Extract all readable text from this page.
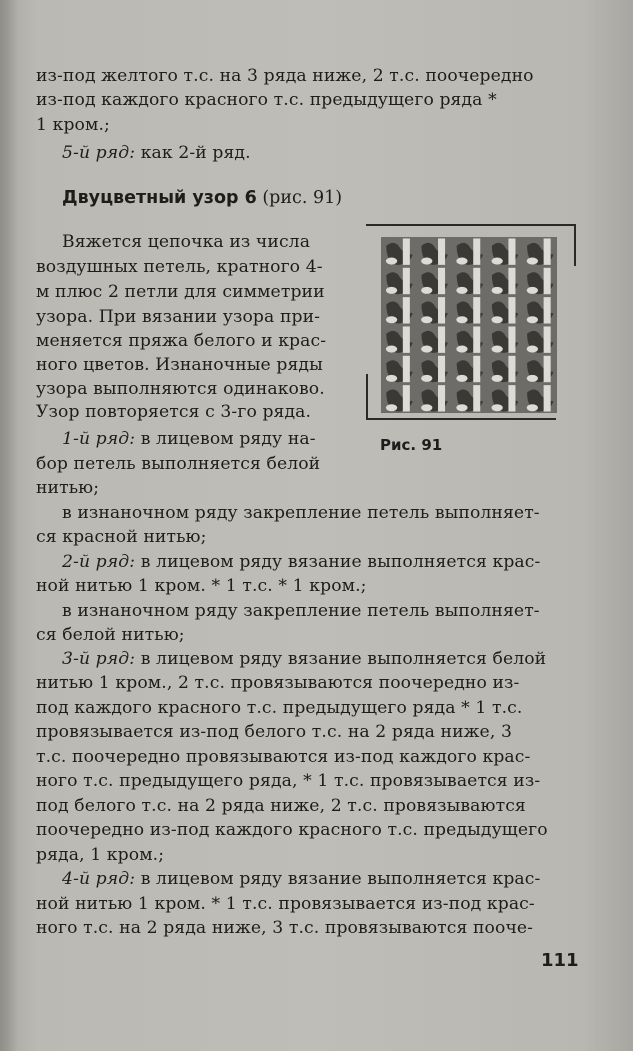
из-под желтого т.с. на 3 ряда ниже, 2 т.с. поочередно

из-под каждого красного т.с. предыдущего ряда *

1 кром.;

5-й ряд: как 2-й ряд.

Двуцветный узор 6 (рис. 91)

Вяжется цепочка из числа

воздушных петель, кратного 4-

м плюс 2 петли для симметрии

узора. При вязании узора при-

меняется пряжа белого и крас-

ного цветов. Изнаночные ряды

узора выполняются одинаково.

Узор повторяется с 3-го ряда.

1-й ряд: в лицевом ряду на-

бор петель выполняется белой

нитью;

в изнаночном ряду закрепление петель выполняет-

ся красной нитью;

2-й ряд: в лицевом ряду вязание выполняется крас-

ной нитью 1 кром. * 1 т.с. * 1 кром.;

в изнаночном ряду закрепление петель выполняет-

ся белой нитью;

3-й ряд: в лицевом ряду вязание выполняется белой

нитью 1 кром., 2 т.с. провязываются поочередно из-

под каждого красного т.с. предыдущего ряда * 1 т.с.

провязывается из-под белого т.с. на 2 ряда ниже, 3

т.с. поочередно провязываются из-под каждого крас-

ного т.с. предыдущего ряда, * 1 т.с. провязывается из-

под белого т.с. на 2 ряда ниже, 2 т.с. провязываются

поочередно из-под каждого красного т.с. предыдущего

ряда, 1 кром.;

4-й ряд: в лицевом ряду вязание выполняется крас-

ной нитью 1 кром. * 1 т.с. провязывается из-под крас-

ного т.с. на 2 ряда ниже, 3 т.с. провязываются пооче-

Рис. 91

111
